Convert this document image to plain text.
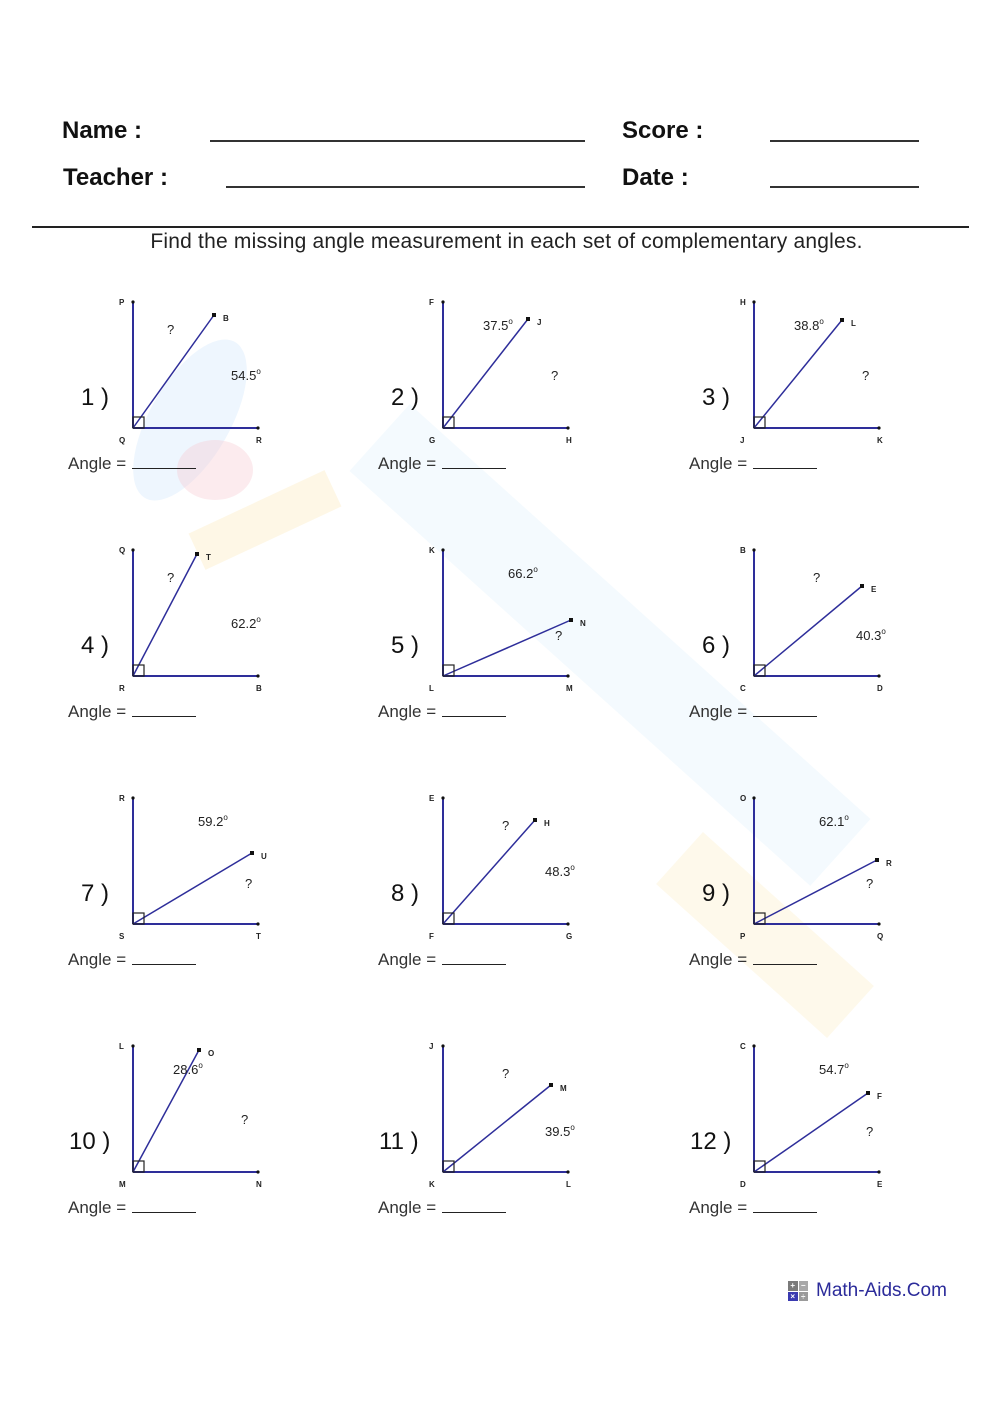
Name :
Teacher :
Score :
Date :
Find the missing angle measurement in each set of complementary angles.
1 )
P
Q	R
B
54.5$^o$
?
Angle =
2 )
F
G	H
J
37.5$^o$
?
Angle =
3 )
H
J	K
L
38.8$^o$
?
Angle =
4 )
Q
R	B
T
62.2$^o$
?
Angle =
5 )
K
L	M
N
66.2$^o$
?
Angle =
6 )
B
C	D
E
40.3$^o$
?
Angle =
7 )
R
S	T
U
59.2$^o$
?
Angle =
8 )
E
F	G
H
48.3$^o$
?
Angle =
9 )
O
P	Q
R
62.1$^o$
?
Angle =
10 )
L
M	N
O
28.6$^o$
?
Angle =
11 )
J
K	L
M
39.5$^o$
?
Angle =
12 )
C
D	E
F
54.7$^o$
?
Angle =
+ −
× ÷ Math-Aids.Com
